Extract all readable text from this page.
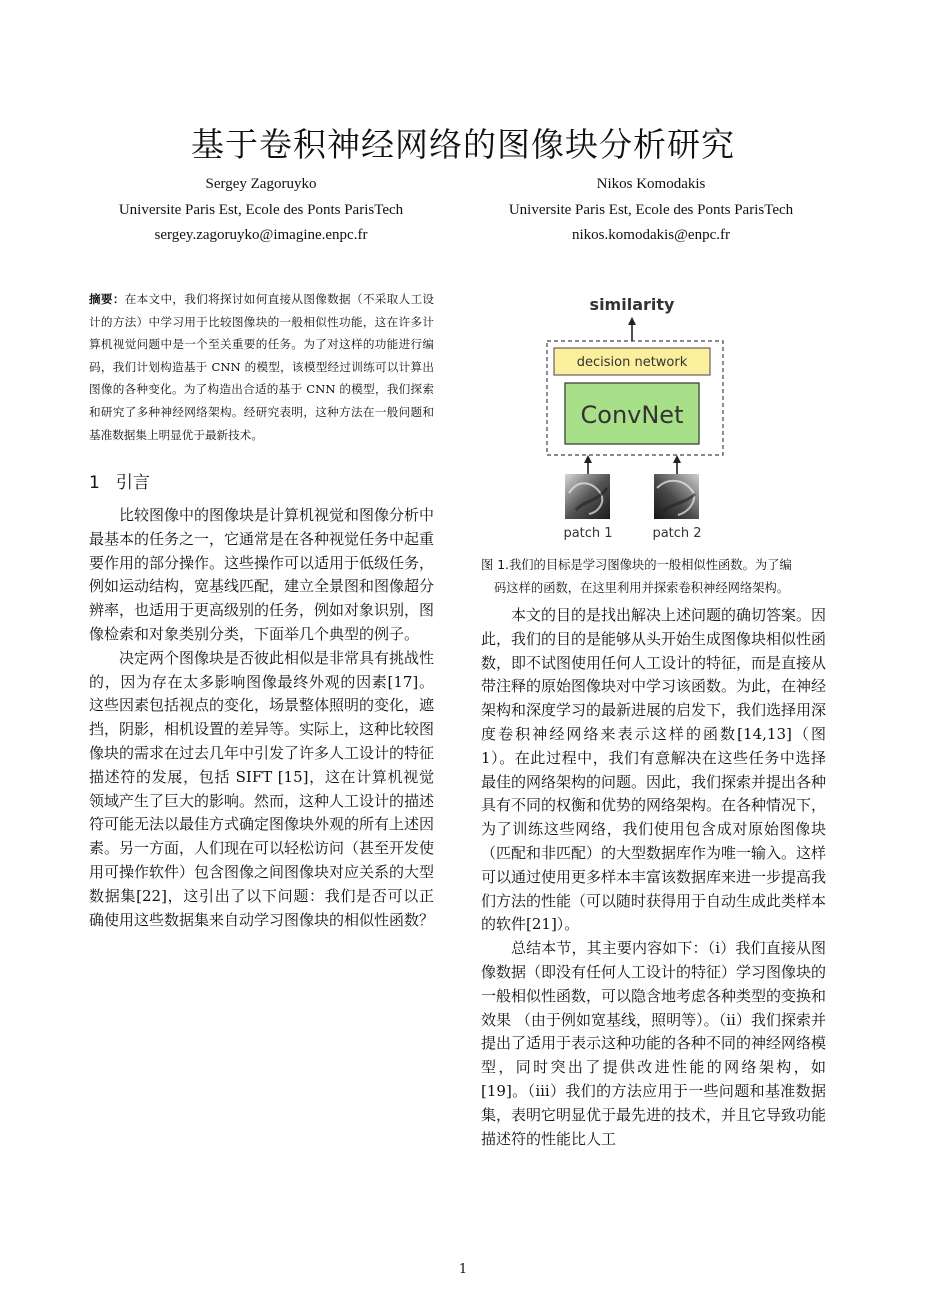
基于卷积神经网络的图像块分析研究
Sergey Zagoruyko
Universite Paris Est, Ecole des Ponts ParisTech
sergey.zagoruyko@imagine.enpc.fr
Nikos Komodakis
Universite Paris Est, Ecole des Ponts ParisTech
nikos.komodakis@enpc.fr

摘要：在本文中，我们将探讨如何直接从图像数据（不采取人工设计的方法）中学习用于比较图像块的一般相似性功能，这在许多计算机视觉问题中是一个至关重要的任务。为了对这样的功能进行编码，我们计划构造基于 CNN 的模型，该模型经过训练可以计算出图像的各种变化。为了构造出合适的基于 CNN 的模型，我们探索和研究了多种神经网络架构。经研究表明，这种方法在一般问题和基准数据集上明显优于最新技术。

1 引言

比较图像中的图像块是计算机视觉和图像分析中最基本的任务之一，它通常是在各种视觉任务中起重要作用的部分操作。这些操作可以适用于低级任务，例如运动结构，宽基线匹配，建立全景图和图像超分辨率，也适用于更高级别的任务，例如对象识别，图像检索和对象类别分类，下面举几个典型的例子。

决定两个图像块是否彼此相似是非常具有挑战性的，因为存在太多影响图像最终外观的因素[17]。这些因素包括视点的变化，场景整体照明的变化，遮挡，阴影，相机设置的差异等。实际上，这种比较图像块的需求在过去几年中引发了许多人工设计的特征描述符的发展，包括 SIFT [15]，这在计算机视觉领域产生了巨大的影响。然而，这种人工设计的描述符可能无法以最佳方式确定图像块外观的所有上述因素。另一方面，人们现在可以轻松访问（甚至开发使用可操作软件）包含图像之间图像块对应关系的大型数据集[22]，这引出了以下问题：我们是否可以正确使用这些数据集来自动学习图像块的相似性函数？

similarity
decision network
ConvNet
patch 1	patch 2

图 1.我们的目标是学习图像块的一般相似性函数。为了编
码这样的函数，在这里利用并探索卷积神经网络架构。

本文的目的是找出解决上述问题的确切答案。因此，我们的目的是能够从头开始生成图像块相似性函数，即不试图使用任何人工设计的特征，而是直接从带注释的原始图像块对中学习该函数。为此，在神经架构和深度学习的最新进展的启发下，我们选择用深度卷积神经网络来表示这样的函数[14,13]（图 1）。在此过程中，我们有意解决在这些任务中选择最佳的网络架构的问题。因此，我们探索并提出各种具有不同的权衡和优势的网络架构。在各种情况下，为了训练这些网络，我们使用包含成对原始图像块（匹配和非匹配）的大型数据库作为唯一输入。这样可以通过使用更多样本丰富该数据库来进一步提高我们方法的性能（可以随时获得用于自动生成此类样本的软件[21]）。

总结本节，其主要内容如下：（i）我们直接从图像数据（即没有任何人工设计的特征）学习图像块的一般相似性函数，可以隐含地考虑各种类型的变换和效果 （由于例如宽基线，照明等）。（ii）我们探索并提出了适用于表示这种功能的各种不同的神经网络模型，同时突出了提供改进性能的网络架构，如[19]。（iii）我们的方法应用于一些问题和基准数据集，表明它明显优于最先进的技术，并且它导致功能描述符的性能比人工

1
